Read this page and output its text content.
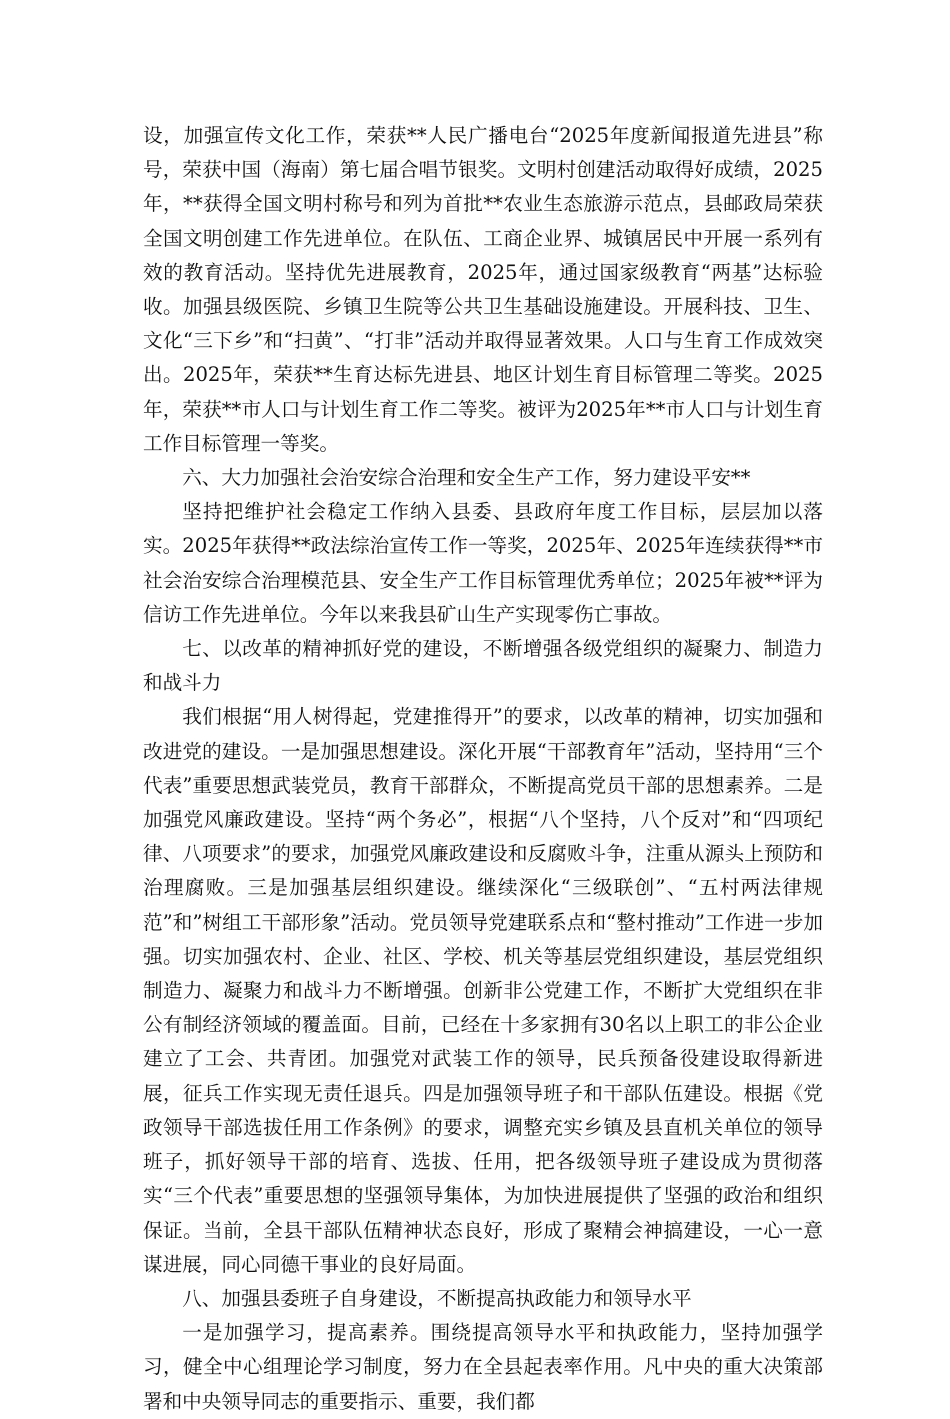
设，加强宣传文化工作，荣获**人民广播电台“2025年度新闻报道先进县”称号，荣获中国（海南）第七届合唱节银奖。文明村创建活动取得好成绩，2025年，**获得全国文明村称号和列为首批**农业生态旅游示范点，县邮政局荣获全国文明创建工作先进单位。在队伍、工商企业界、城镇居民中开展一系列有效的教育活动。坚持优先进展教育，2025年，通过国家级教育“两基”达标验收。加强县级医院、乡镇卫生院等公共卫生基础设施建设。开展科技、卫生、文化“三下乡”和“扫黄”、“打非”活动并取得显著效果。人口与生育工作成效突出。2025年，荣获**生育达标先进县、地区计划生育目标管理二等奖。2025年，荣获**市人口与计划生育工作二等奖。被评为2025年**市人口与计划生育工作目标管理一等奖。

六、大力加强社会治安综合治理和安全生产工作，努力建设平安**

坚持把维护社会稳定工作纳入县委、县政府年度工作目标，层层加以落实。2025年获得**政法综治宣传工作一等奖，2025年、2025年连续获得**市社会治安综合治理模范县、安全生产工作目标管理优秀单位；2025年被**评为信访工作先进单位。今年以来我县矿山生产实现零伤亡事故。

七、以改革的精神抓好党的建设，不断增强各级党组织的凝聚力、制造力和战斗力

我们根据“用人树得起，党建推得开”的要求，以改革的精神，切实加强和改进党的建设。一是加强思想建设。深化开展“干部教育年”活动，坚持用“三个代表”重要思想武装党员，教育干部群众，不断提高党员干部的思想素养。二是加强党风廉政建设。坚持“两个务必”，根据“八个坚持，八个反对”和“四项纪律、八项要求”的要求，加强党风廉政建设和反腐败斗争，注重从源头上预防和治理腐败。三是加强基层组织建设。继续深化“三级联创”、“五村两法律规范”和”树组工干部形象”活动。党员领导党建联系点和“整村推动”工作进一步加强。切实加强农村、企业、社区、学校、机关等基层党组织建设，基层党组织制造力、凝聚力和战斗力不断增强。创新非公党建工作，不断扩大党组织在非公有制经济领域的覆盖面。目前，已经在十多家拥有30名以上职工的非公企业建立了工会、共青团。加强党对武装工作的领导，民兵预备役建设取得新进展，征兵工作实现无责任退兵。四是加强领导班子和干部队伍建设。根据《党政领导干部选拔任用工作条例》的要求，调整充实乡镇及县直机关单位的领导班子，抓好领导干部的培育、选拔、任用，把各级领导班子建设成为贯彻落实“三个代表”重要思想的坚强领导集体，为加快进展提供了坚强的政治和组织保证。当前，全县干部队伍精神状态良好，形成了聚精会神搞建设，一心一意谋进展，同心同德干事业的良好局面。

八、加强县委班子自身建设，不断提高执政能力和领导水平

一是加强学习，提高素养。围绕提高领导水平和执政能力，坚持加强学习，健全中心组理论学习制度，努力在全县起表率作用。凡中央的重大决策部署和中央领导同志的重要指示、重要，我们都
